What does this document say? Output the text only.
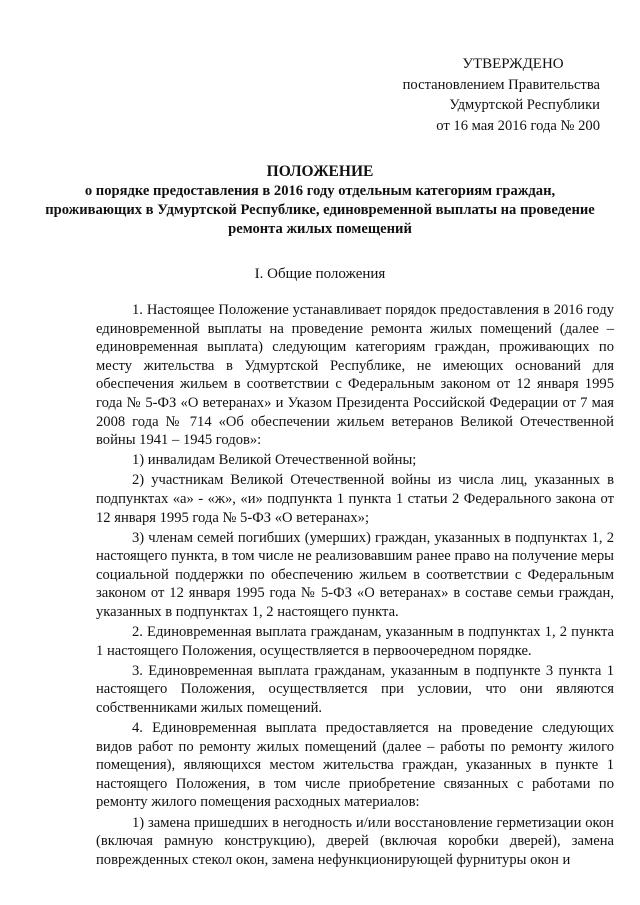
УТВЕРЖДЕНО
постановлением Правительства
Удмуртской Республики
от 16 мая 2016 года № 200
ПОЛОЖЕНИЕ
о порядке предоставления в 2016 году отдельным категориям граждан, проживающих в Удмуртской Республике, единовременной выплаты на проведение ремонта жилых помещений
I. Общие положения

1. Настоящее Положение устанавливает порядок предоставления в 2016 году единовременной выплаты на проведение ремонта жилых помещений (далее – единовременная выплата) следующим категориям граждан, проживающих по месту жительства в Удмуртской Республике, не имеющих оснований для обеспечения жильем в соответствии с Федеральным законом от 12 января 1995 года № 5-ФЗ «О ветеранах» и Указом Президента Российской Федерации от 7 мая 2008 года № 714 «Об обеспечении жильем ветеранов Великой Отечественной войны 1941 – 1945 годов»:

1) инвалидам Великой Отечественной войны;

2) участникам Великой Отечественной войны из числа лиц, указанных в подпунктах «а» - «ж», «и» подпункта 1 пункта 1 статьи 2 Федерального закона от 12 января 1995 года № 5-ФЗ «О ветеранах»;

3) членам семей погибших (умерших) граждан, указанных в подпунктах 1, 2 настоящего пункта, в том числе не реализовавшим ранее право на получение меры социальной поддержки по обеспечению жильем в соответствии с Федеральным законом от 12 января 1995 года № 5-ФЗ «О ветеранах» в составе семьи граждан, указанных в подпунктах 1, 2 настоящего пункта.

2. Единовременная выплата гражданам, указанным в подпунктах 1, 2 пункта 1 настоящего Положения, осуществляется в первоочередном порядке.

3. Единовременная выплата гражданам, указанным в подпункте 3 пункта 1 настоящего Положения, осуществляется при условии, что они являются собственниками жилых помещений.

4. Единовременная выплата предоставляется на проведение следующих видов работ по ремонту жилых помещений (далее – работы по ремонту жилого помещения), являющихся местом жительства граждан, указанных в пункте 1 настоящего Положения, в том числе приобретение связанных с работами по ремонту жилого помещения расходных материалов:

1) замена пришедших в негодность и/или восстановление герметизации окон (включая рамную конструкцию), дверей (включая коробки дверей), замена поврежденных стекол окон, замена нефункционирующей фурнитуры окон и
